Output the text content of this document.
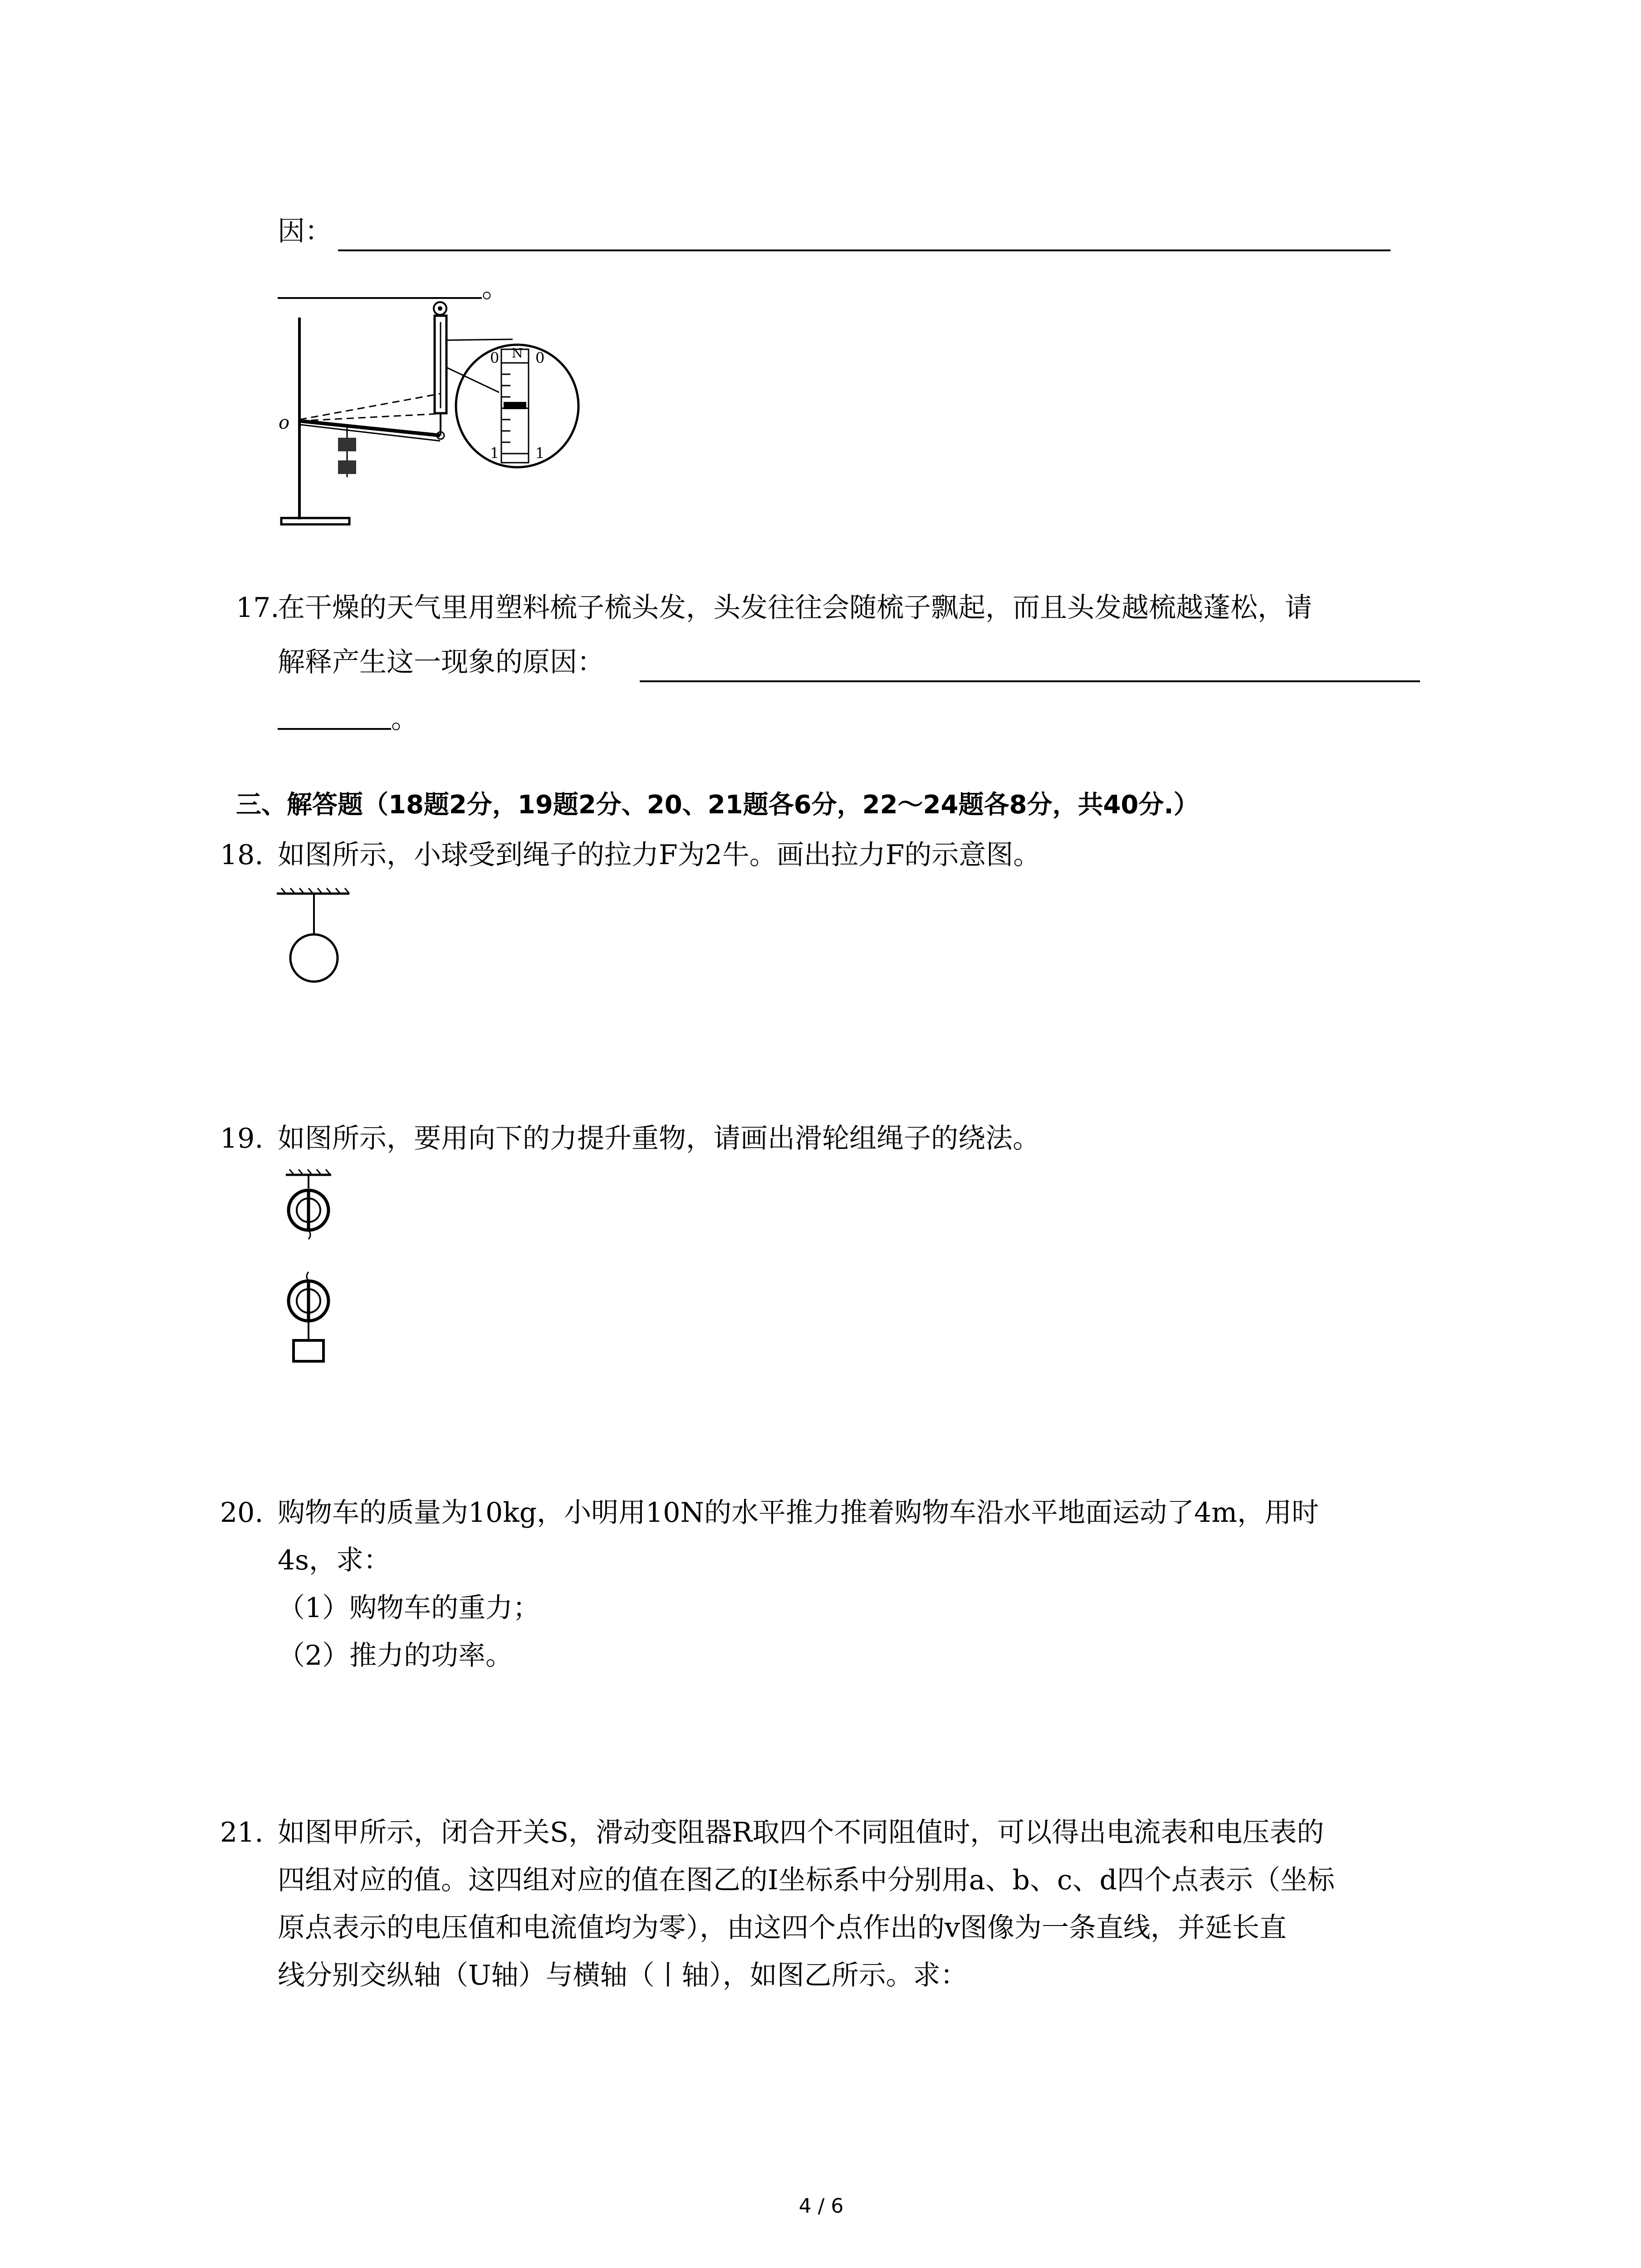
因：
。
o
0 N 0
1 1
17.
在干燥的天气里用塑料梳子梳头发，头发往往会随梳子飘起，而且头发越梳越蓬松，请
解释产生这一现象的原因：
。
三、解答题（18题2分，19题2分、20、21题各6分，22～24题各8分，共40分.）
18. 如图所示，小球受到绳子的拉力F为2牛。画出拉力F的示意图。
19. 如图所示，要用向下的力提升重物，请画出滑轮组绳子的绕法。
20. 购物车的质量为10kg，小明用10N的水平推力推着购物车沿水平地面运动了4m，用时
4s，求：
（1）购物车的重力；
（2）推力的功率。
21. 如图甲所示，闭合开关S，滑动变阻器R取四个不同阻值时，可以得出电流表和电压表的
四组对应的值。这四组对应的值在图乙的I坐标系中分别用a、b、c、d四个点表示（坐标
原点表示的电压值和电流值均为零），由这四个点作出的v图像为一条直线，并延长直
线分别交纵轴（U轴）与横轴（丨轴），如图乙所示。求：
4 / 6
